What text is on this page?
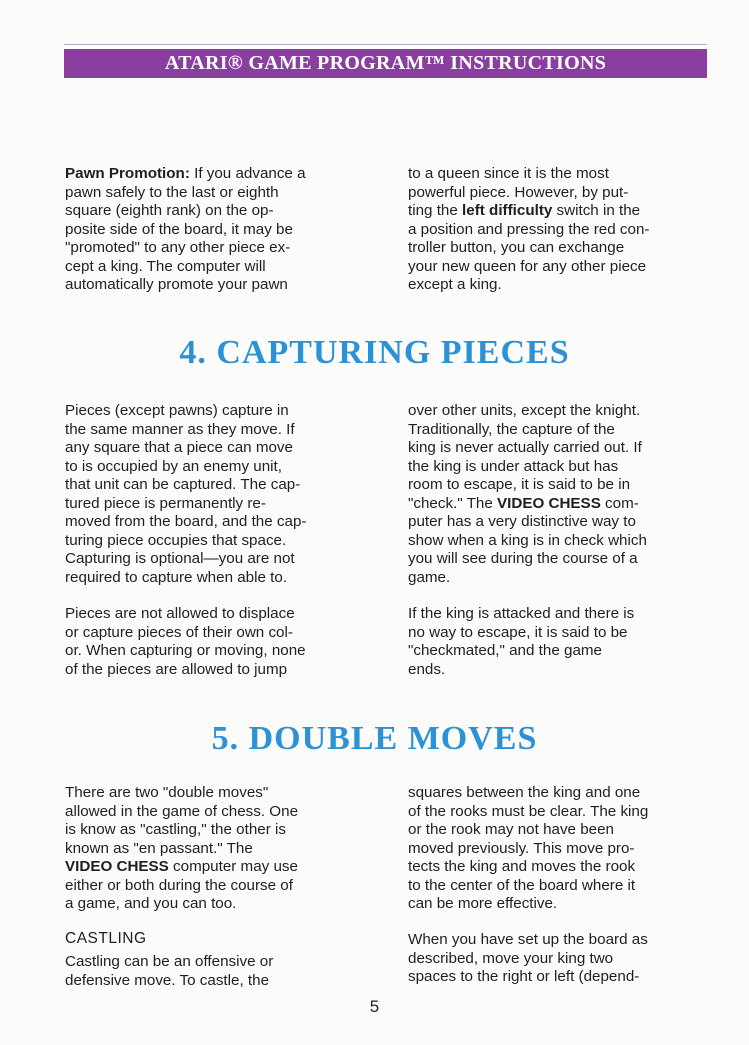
ATARI® GAME PROGRAM™ INSTRUCTIONS

Pawn Promotion: If you advance a
pawn safely to the last or eighth
square (eighth rank) on the op-
posite side of the board, it may be
"promoted" to any other piece ex-
cept a king. The computer will
automatically promote your pawn

to a queen since it is the most
powerful piece. However, by put-
ting the left difficulty switch in the
a position and pressing the red con-
troller button, you can exchange
your new queen for any other piece
except a king.

4. CAPTURING PIECES

Pieces (except pawns) capture in
the same manner as they move. If
any square that a piece can move
to is occupied by an enemy unit,
that unit can be captured. The cap-
tured piece is permanently re-
moved from the board, and the cap-
turing piece occupies that space.
Capturing is optional—you are not
required to capture when able to.

Pieces are not allowed to displace
or capture pieces of their own col-
or. When capturing or moving, none
of the pieces are allowed to jump

over other units, except the knight.
Traditionally, the capture of the
king is never actually carried out. If
the king is under attack but has
room to escape, it is said to be in
"check." The VIDEO CHESS com-
puter has a very distinctive way to
show when a king is in check which
you will see during the course of a
game.

If the king is attacked and there is
no way to escape, it is said to be
"checkmated," and the game
ends.

5. DOUBLE MOVES

There are two "double moves"
allowed in the game of chess. One
is know as "castling," the other is
known as "en passant." The
VIDEO CHESS computer may use
either or both during the course of
a game, and you can too.

CASTLING

Castling can be an offensive or
defensive move. To castle, the

squares between the king and one
of the rooks must be clear. The king
or the rook may not have been
moved previously. This move pro-
tects the king and moves the rook
to the center of the board where it
can be more effective.

When you have set up the board as
described, move your king two
spaces to the right or left (depend-

5
